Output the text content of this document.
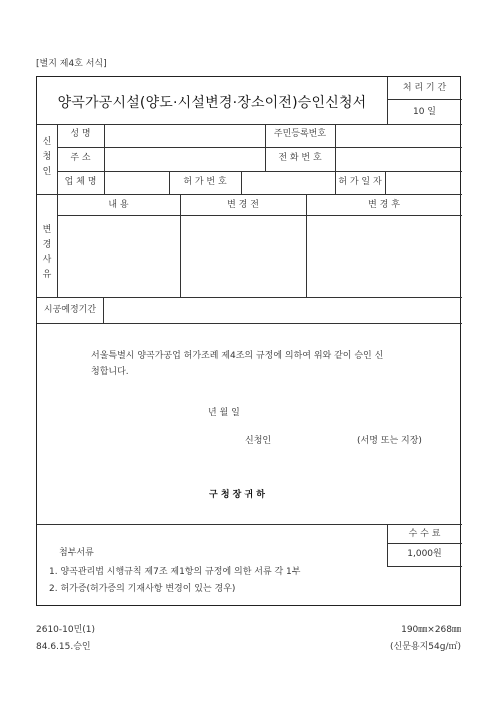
[별지 제4호 서식]
양곡가공시설(양도·시설변경·장소이전)승인신청서
처 리 기 간
10 일
신
청
인
성 명	주민등록번호
주 소	전 화 번 호
업 체 명	허 가 번 호	허 가 일 자
변
경
사
유
내 용	변 경 전	변 경 후
시공예정기간
서울특별시 양곡가공업 허가조례 제4조의 규정에 의하여 위와 같이 승인 신
청합니다.
년 월 일
신청인	(서명 또는 지장)
구 청 장 귀 하
수 수 료
1,000원
첨부서류
1. 양곡관리법 시행규칙 제7조 제1항의 규정에 의한 서류 각 1부
2. 허가증(허가증의 기재사항 변경이 있는 경우)
2610-10민(1)
84.6.15.승인
190㎜×268㎜
(신문용지54g/㎡)
